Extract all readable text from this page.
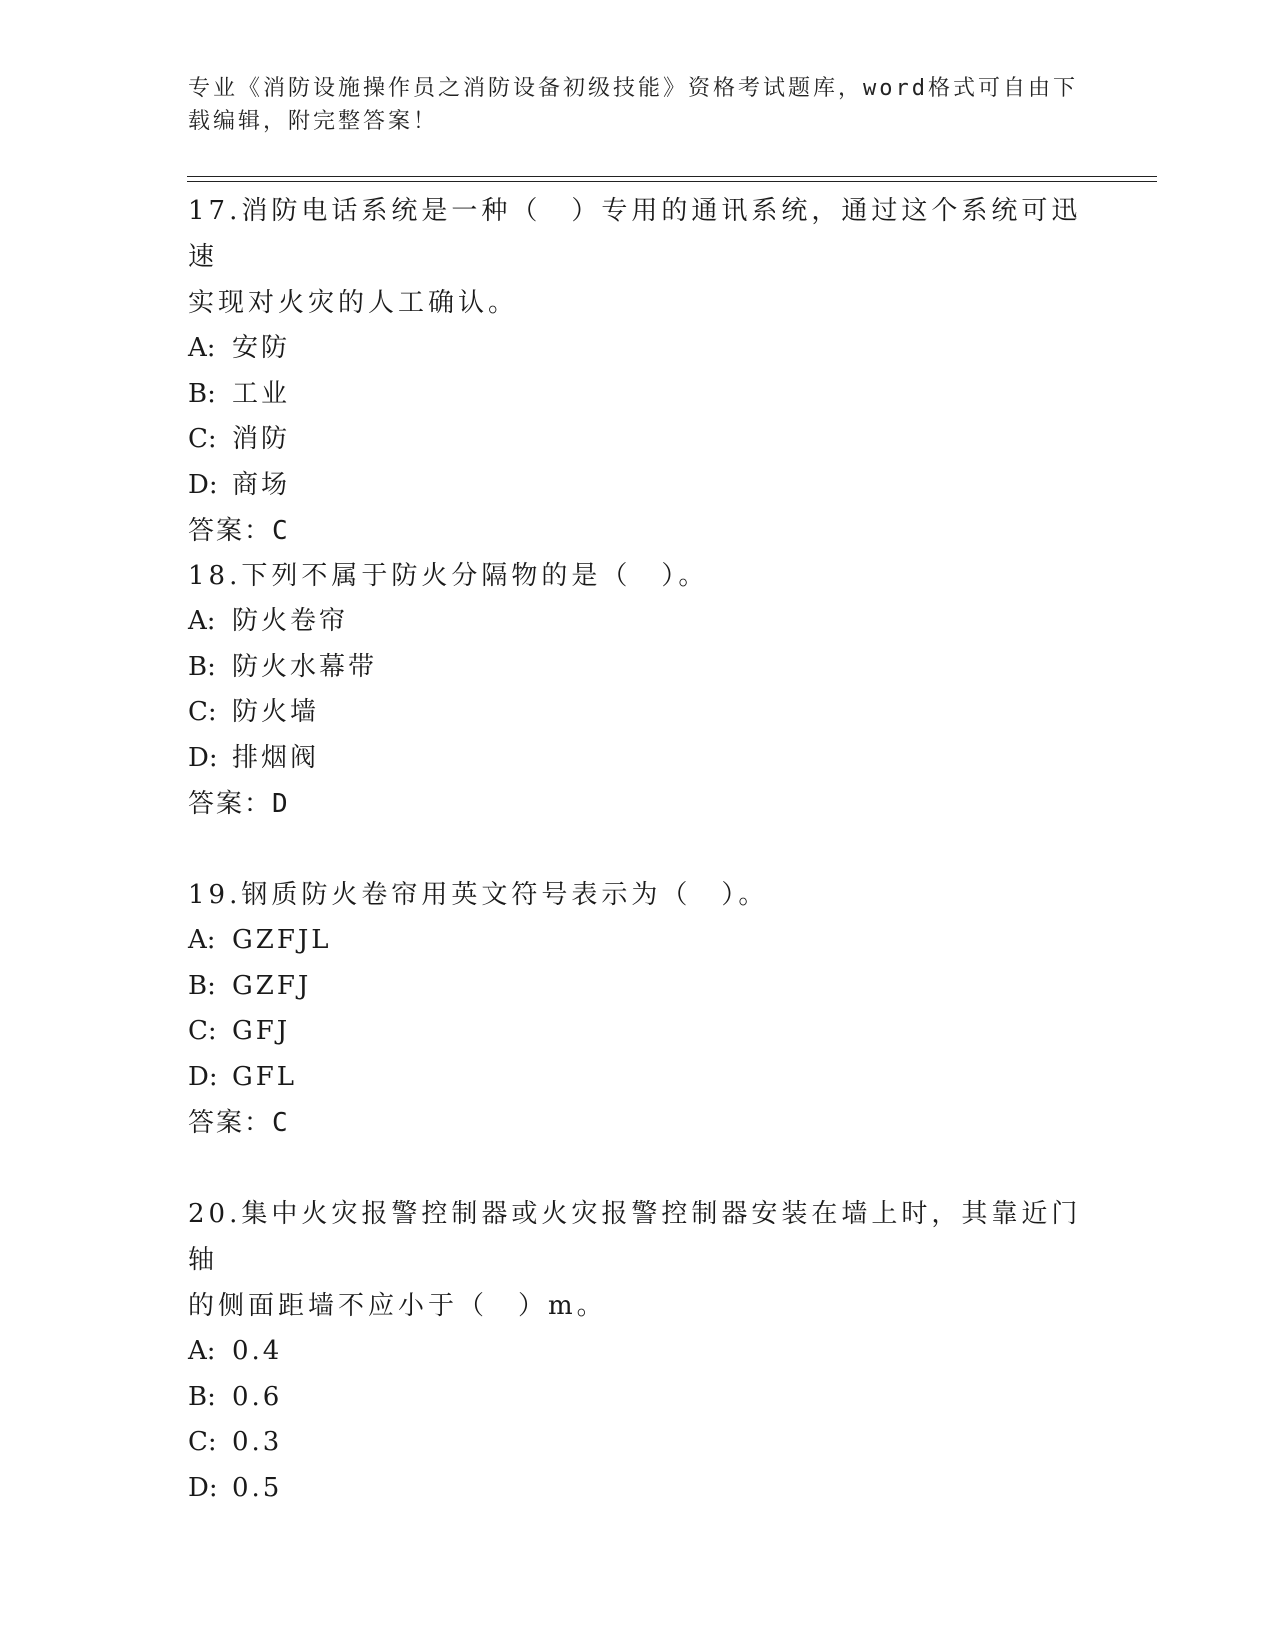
专业《消防设施操作员之消防设备初级技能》资格考试题库，word格式可自由下
载编辑，附完整答案！

17.消防电话系统是一种（　）专用的通讯系统，通过这个系统可迅速

实现对火灾的人工确认。

A: 安防

B: 工业

C: 消防

D: 商场

答案：C

18.下列不属于防火分隔物的是（　）。

A: 防火卷帘

B: 防火水幕带

C: 防火墙

D: 排烟阀

答案：D

19.钢质防火卷帘用英文符号表示为（　）。

A: GZFJL

B: GZFJ

C: GFJ

D: GFL

答案：C

20.集中火灾报警控制器或火灾报警控制器安装在墙上时，其靠近门轴

的侧面距墙不应小于（　）m。

A: 0.4

B: 0.6

C: 0.3

D: 0.5
